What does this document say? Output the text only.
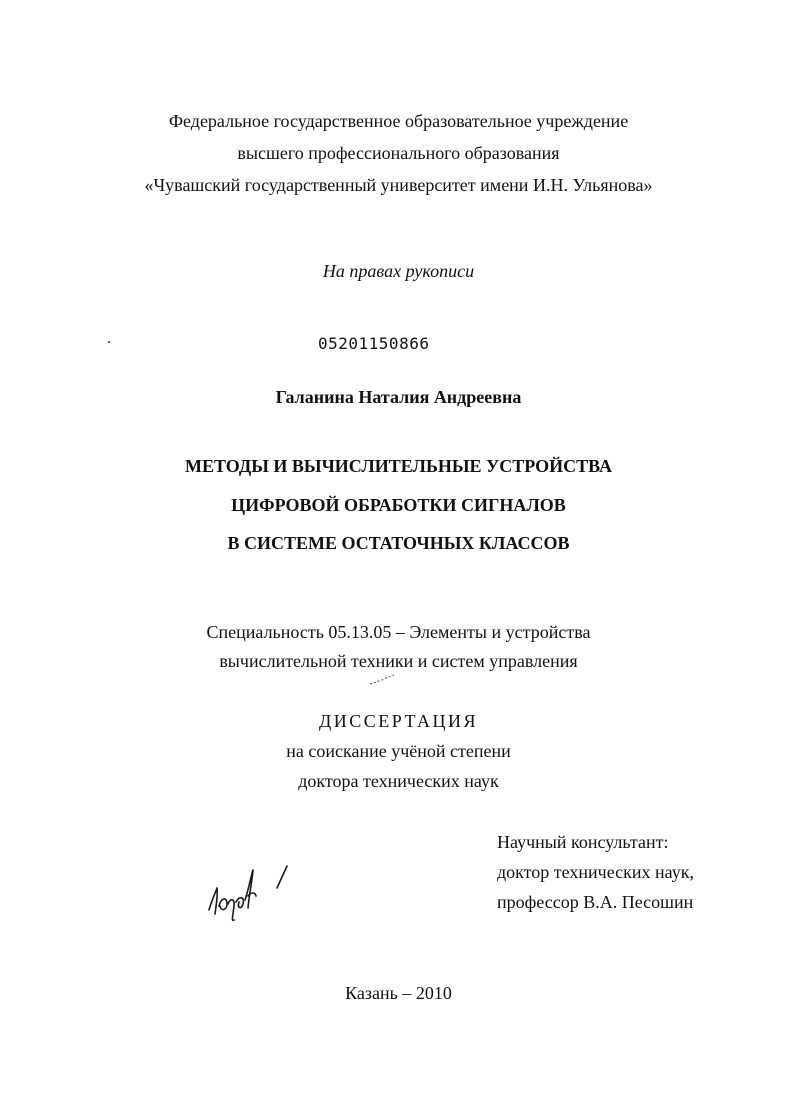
Федеральное государственное образовательное учреждение
высшего профессионального образования
«Чувашский государственный университет имени И.Н. Ульянова»
На правах рукописи
05201150866
Галанина Наталия Андреевна
МЕТОДЫ И ВЫЧИСЛИТЕЛЬНЫЕ УСТРОЙСТВА
ЦИФРОВОЙ ОБРАБОТКИ СИГНАЛОВ
В СИСТЕМЕ ОСТАТОЧНЫХ КЛАССОВ
Специальность 05.13.05 – Элементы и устройства
вычислительной техники и систем управления
ДИССЕРТАЦИЯ
на соискание учёной степени
доктора технических наук
Научный консультант:
доктор технических наук,
профессор В.А. Песошин
Казань – 2010
